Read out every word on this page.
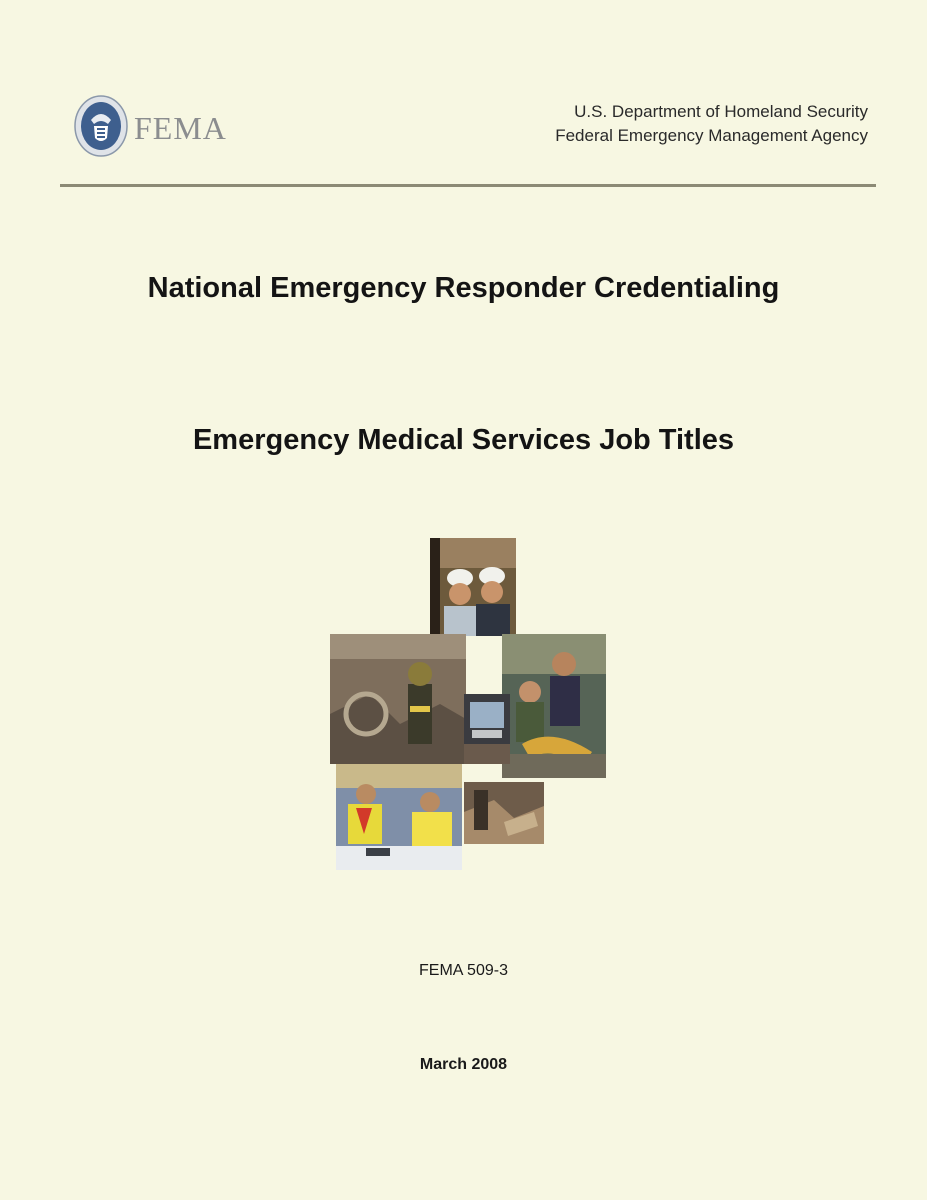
FEMA	U.S. Department of Homeland Security
Federal Emergency Management Agency
National Emergency Responder Credentialing
Emergency Medical Services Job Titles
FEMA 509-3
March 2008
